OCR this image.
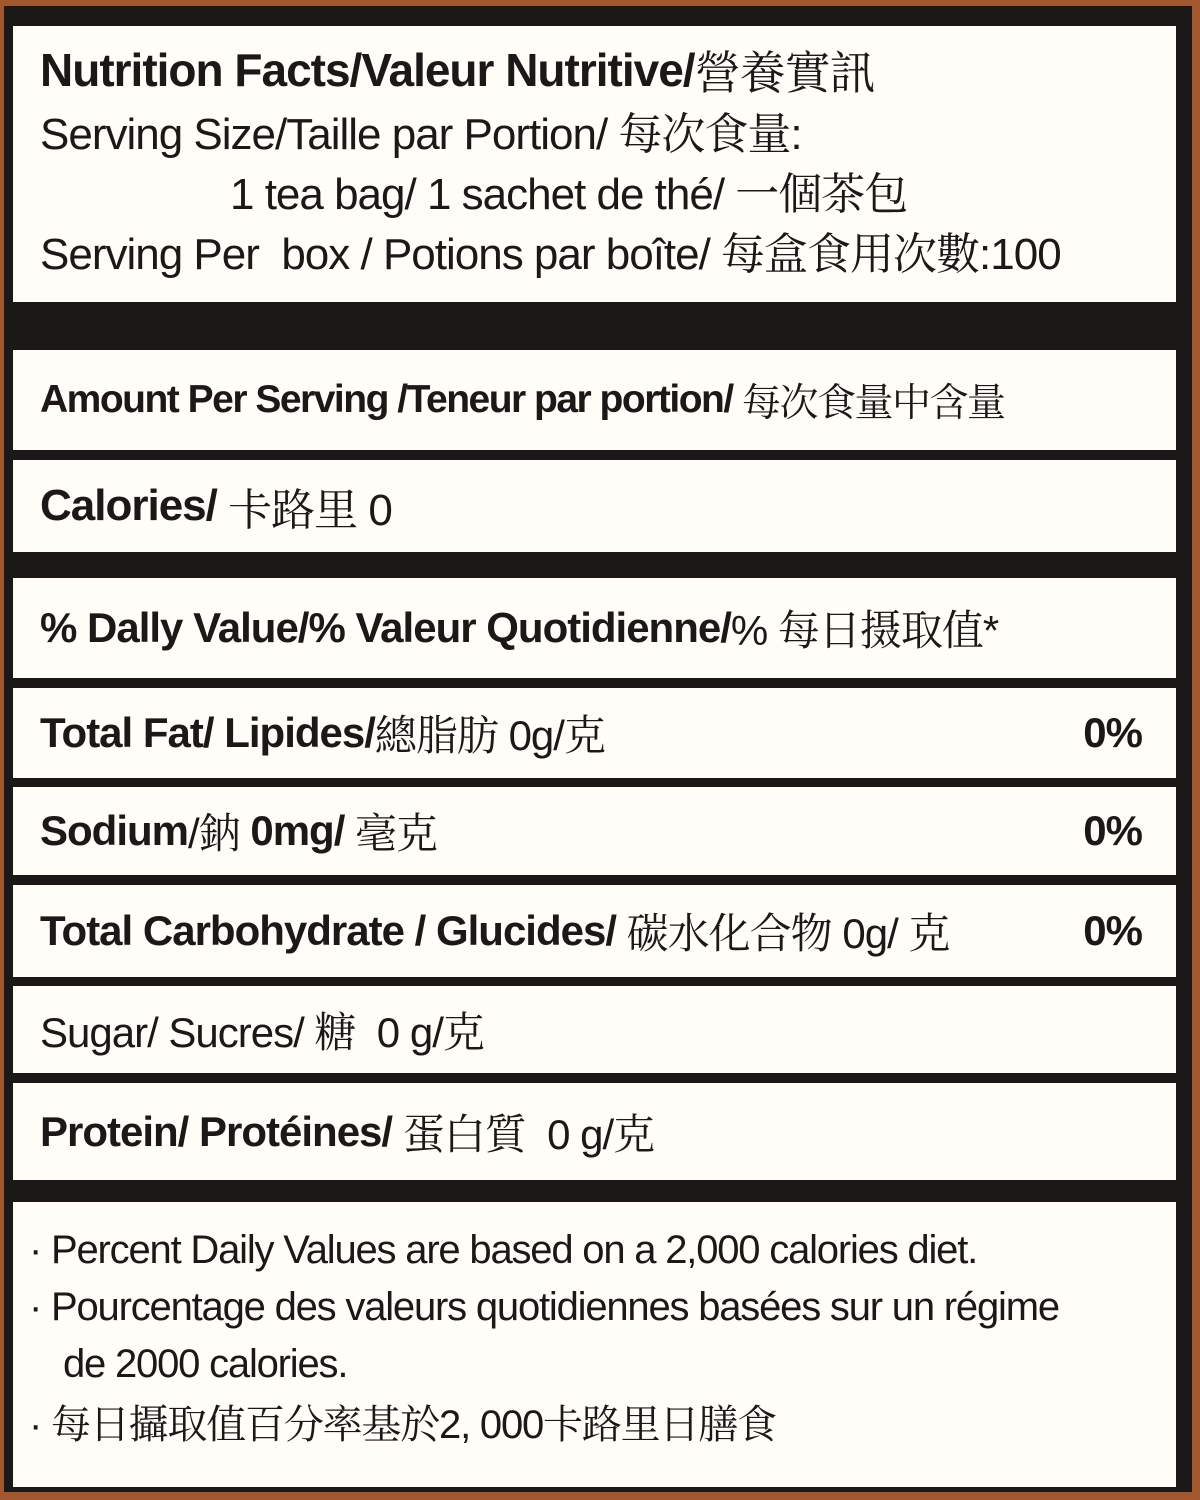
Nutrition Facts/Valeur Nutritive/ 營養實訊
Serving Size/Taille par Portion/ 每次食量:
1 tea bag/ 1 sachet de thé/ 一個茶包
Serving Per  box / Potions par boîte/ 每盒食用次數:100
Amount Per Serving /Teneur par portion/ 每次食量中含量
Calories/ 卡路里 0
% Dally Value/% Valeur Quotidienne/ % 每日摄取值*
Total Fat/ Lipides/ 總脂肪 0g/克	0%
Sodium /鈉 0mg/ 毫克	0%
Total Carbohydrate / Glucides/ 碳水化合物 0g/ 克	0%
Sugar/ Sucres/ 糖  0 g/克
Protein/ Protéines/ 蛋白質  0 g/克
· Percent Daily Values are based on a 2,000 calories diet.
· Pourcentage des valeurs quotidiennes basées sur un régime
de 2000 calories.
· 每日攝取值百分率基於2, 000卡路里日膳食
